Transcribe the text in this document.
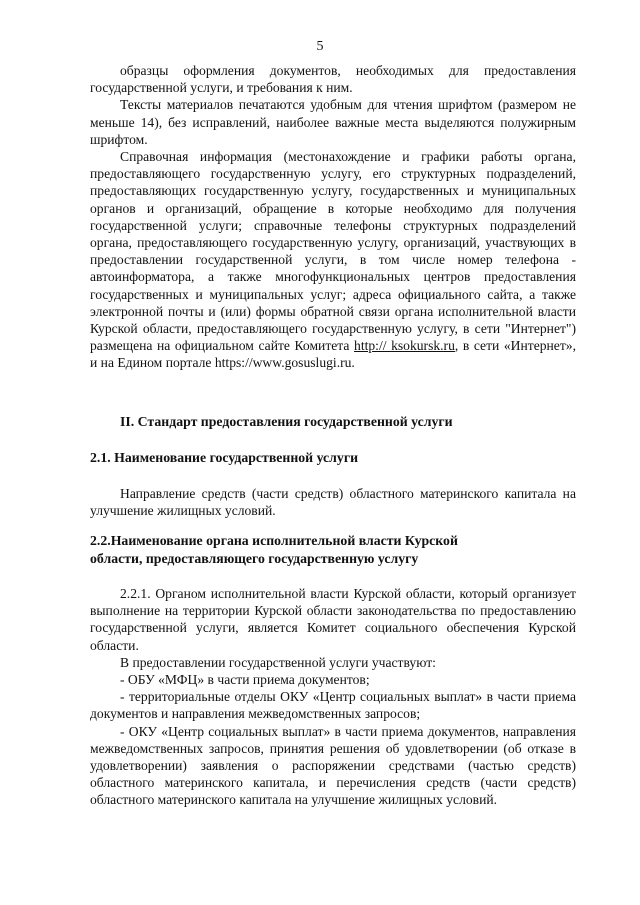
5

образцы оформления документов, необходимых для предоставления государственной услуги, и требования к ним.

Тексты материалов печатаются удобным для чтения шрифтом (размером не меньше 14), без исправлений, наиболее важные места выделяются полужирным шрифтом.

Справочная информация (местонахождение и графики работы органа, предоставляющего государственную услугу, его структурных подразделений, предоставляющих государственную услугу, государственных и муниципальных органов и организаций, обращение в которые необходимо для получения государственной услуги; справочные телефоны структурных подразделений органа, предоставляющего государственную услугу, организаций, участвующих в предоставлении государственной услуги, в том числе номер телефона - автоинформатора, а также многофункциональных центров предоставления государственных и муниципальных услуг; адреса официального сайта, а также электронной почты и (или) формы обратной связи органа исполнительной власти Курской области, предоставляющего государственную услугу, в сети "Интернет") размещена на официальном сайте Комитета http:// ksokursk.ru, в сети «Интернет», и на Едином портале https://www.gosuslugi.ru.

II. Стандарт предоставления государственной услуги

2.1. Наименование государственной услуги

Направление средств (части средств) областного материнского капитала на улучшение жилищных условий.

2.2.Наименование органа исполнительной власти Курской

области, предоставляющего государственную услугу

2.2.1. Органом исполнительной власти Курской области, который организует выполнение на территории Курской области законодательства по предоставлению государственной услуги, является Комитет социального обеспечения Курской области.

В предоставлении государственной услуги участвуют:

- ОБУ «МФЦ» в части приема документов;

- территориальные отделы ОКУ «Центр социальных выплат» в части приема документов и направления межведомственных запросов;

- ОКУ «Центр социальных выплат» в части приема документов, направления межведомственных запросов, принятия решения об удовлетворении (об отказе в удовлетворении) заявления о распоряжении средствами (частью средств) областного материнского капитала, и перечисления средств (части средств) областного материнского капитала на улучшение жилищных условий.
